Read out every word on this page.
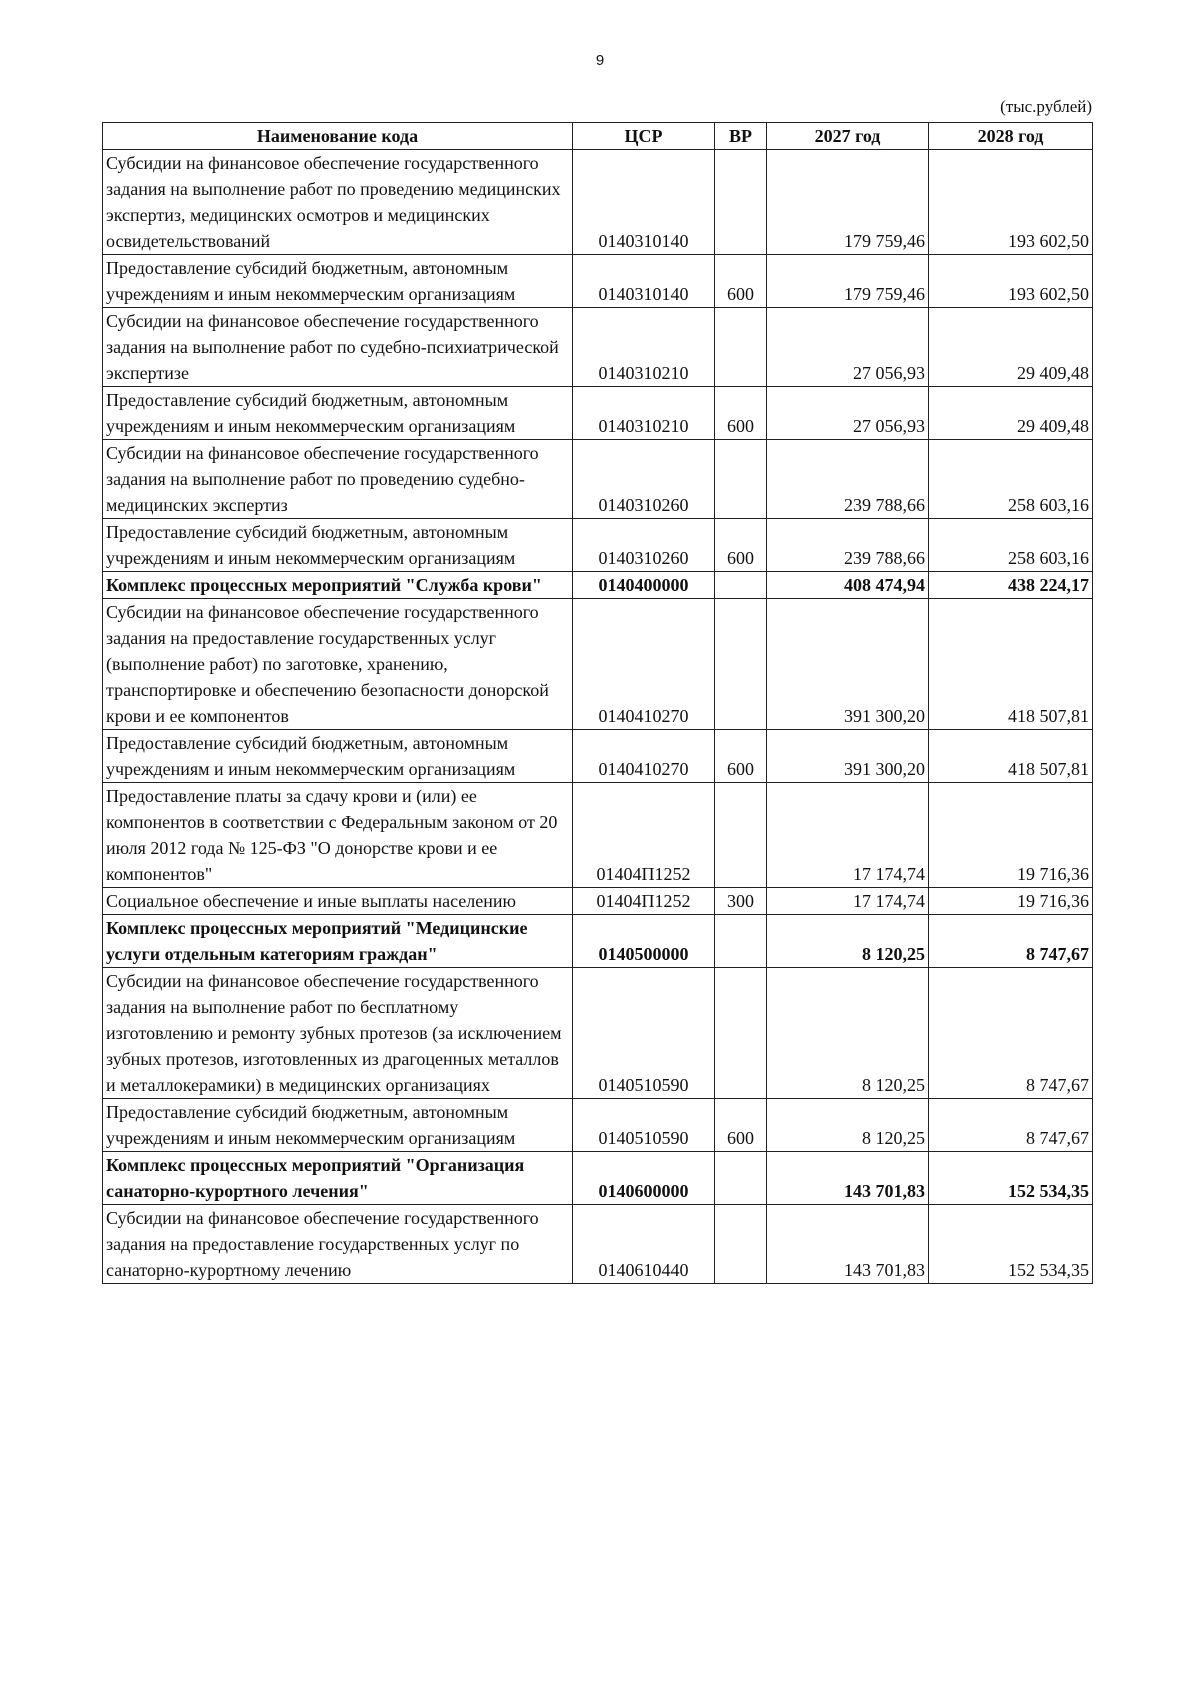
9
(тыс.рублей)
Наименование кода	ЦСР	ВР	2027 год	2028 год
Субсидии на финансовое обеспечение государственного задания на выполнение работ по проведению медицинских экспертиз, медицинских осмотров и медицинских освидетельствований	0140310140		179 759,46	193 602,50
Предоставление субсидий бюджетным, автономным учреждениям и иным некоммерческим организациям	0140310140	600	179 759,46	193 602,50
Субсидии на финансовое обеспечение государственного задания на выполнение работ по судебно-психиатрической экспертизе	0140310210		27 056,93	29 409,48
Предоставление субсидий бюджетным, автономным учреждениям и иным некоммерческим организациям	0140310210	600	27 056,93	29 409,48
Субсидии на финансовое обеспечение государственного задания на выполнение работ по проведению судебно-медицинских экспертиз	0140310260		239 788,66	258 603,16
Предоставление субсидий бюджетным, автономным учреждениям и иным некоммерческим организациям	0140310260	600	239 788,66	258 603,16
Комплекс процессных мероприятий "Служба крови"	0140400000		408 474,94	438 224,17
Субсидии на финансовое обеспечение государственного задания на предоставление государственных услуг (выполнение работ) по заготовке, хранению, транспортировке и обеспечению безопасности донорской крови и ее компонентов	0140410270		391 300,20	418 507,81
Предоставление субсидий бюджетным, автономным учреждениям и иным некоммерческим организациям	0140410270	600	391 300,20	418 507,81
Предоставление платы за сдачу крови и (или) ее компонентов в соответствии с Федеральным законом от 20 июля 2012 года № 125-ФЗ "О донорстве крови и ее компонентов"	01404П1252		17 174,74	19 716,36
Социальное обеспечение и иные выплаты населению	01404П1252	300	17 174,74	19 716,36
Комплекс процессных мероприятий "Медицинские услуги отдельным категориям граждан"	0140500000		8 120,25	8 747,67
Субсидии на финансовое обеспечение государственного задания на выполнение работ по бесплатному изготовлению и ремонту зубных протезов (за исключением зубных протезов, изготовленных из драгоценных металлов и металлокерамики) в медицинских организациях	0140510590		8 120,25	8 747,67
Предоставление субсидий бюджетным, автономным учреждениям и иным некоммерческим организациям	0140510590	600	8 120,25	8 747,67
Комплекс процессных мероприятий "Организация санаторно-курортного лечения"	0140600000		143 701,83	152 534,35
Субсидии на финансовое обеспечение государственного задания на предоставление государственных услуг по санаторно-курортному лечению	0140610440		143 701,83	152 534,35
